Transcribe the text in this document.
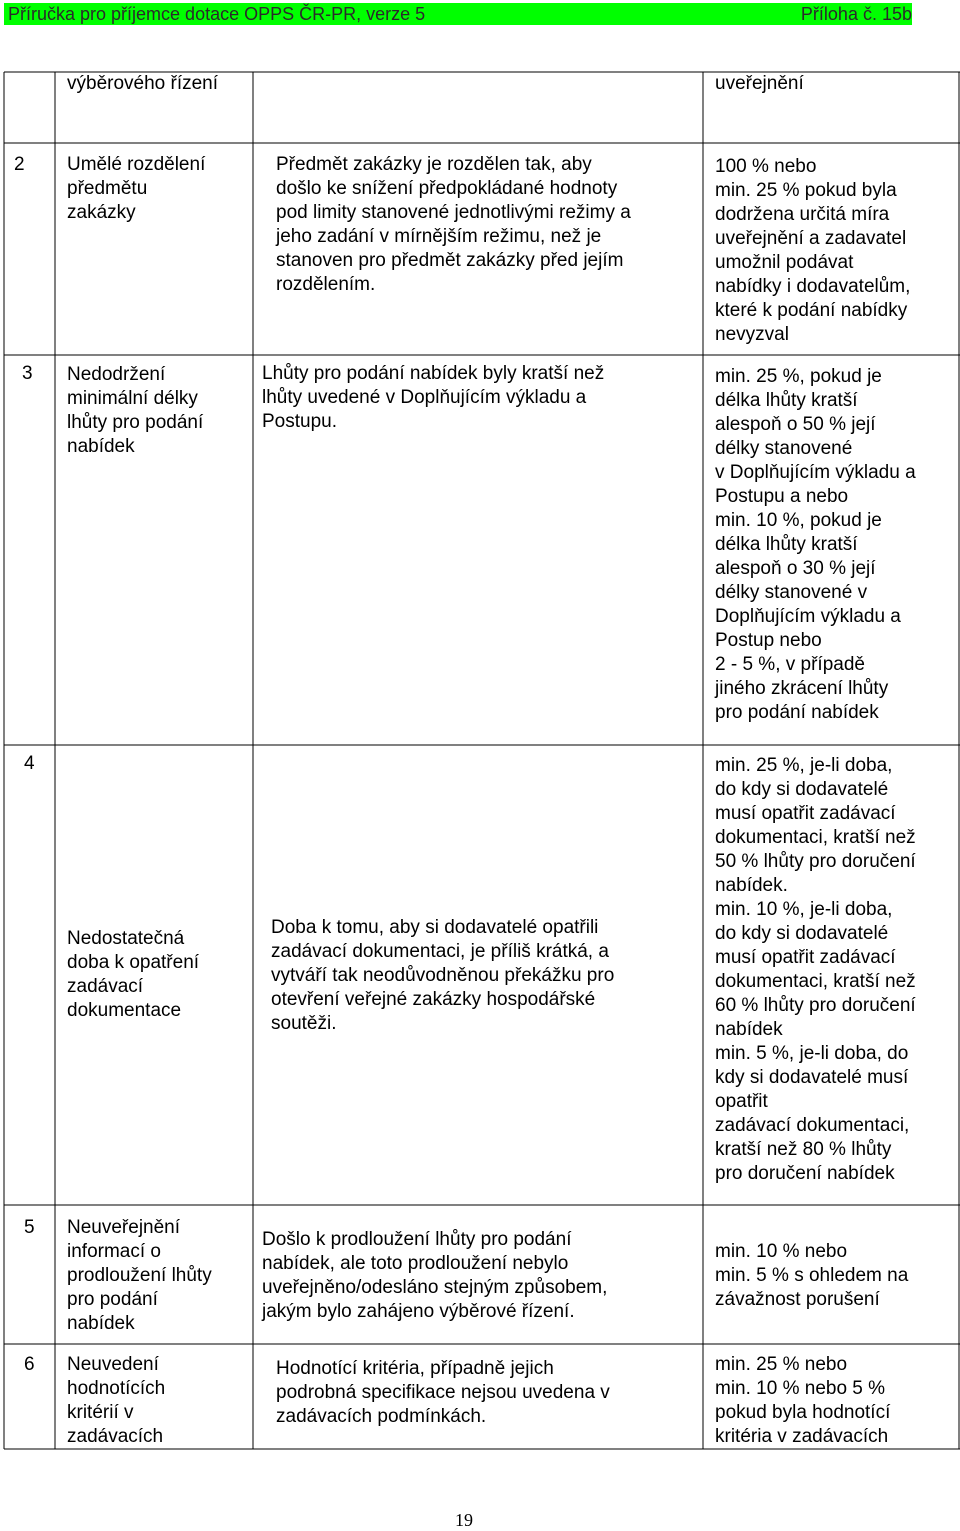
Příručka pro příjemce dotace OPPS ČR-PR, verze 5	Příloha č. 15b
výběrového řízení	uveřejnění
2 Umělé rozdělení
předmětu
zakázky
Předmět zakázky je rozdělen tak, aby
došlo ke snížení předpokládané hodnoty
pod limity stanovené jednotlivými režimy a
jeho zadání v mírnějším režimu, než je
stanoven pro předmět zakázky před jejím
rozdělením.
100 % nebo
min. 25 % pokud byla
dodržena určitá míra
uveřejnění a zadavatel
umožnil podávat
nabídky i dodavatelům,
které k podání nabídky
nevyzval
3 Nedodržení
minimální délky
lhůty pro podání
nabídek
Lhůty pro podání nabídek byly kratší než
lhůty uvedené v Doplňujícím výkladu a
Postupu.
min. 25 %, pokud je
délka lhůty kratší
alespoň o 50 % její
délky stanovené
v Doplňujícím výkladu a
Postupu a nebo
min. 10 %, pokud je
délka lhůty kratší
alespoň o 30 % její
délky stanovené v
Doplňujícím výkladu a
Postup nebo
2 - 5 %, v případě
jiného zkrácení lhůty
pro podání nabídek
4
Nedostatečná
doba k opatření
zadávací
dokumentace
Doba k tomu, aby si dodavatelé opatřili
zadávací dokumentaci, je příliš krátká, a
vytváří tak neodůvodněnou překážku pro
otevření veřejné zakázky hospodářské
soutěži.
min. 25 %, je-li doba,
do kdy si dodavatelé
musí opatřit zadávací
dokumentaci, kratší než
50 % lhůty pro doručení
nabídek.
min. 10 %, je-li doba,
do kdy si dodavatelé
musí opatřit zadávací
dokumentaci, kratší než
60 % lhůty pro doručení
nabídek
min. 5 %, je-li doba, do
kdy si dodavatelé musí
opatřit
zadávací dokumentaci,
kratší než 80 % lhůty
pro doručení nabídek
5 Neuveřejnění
informací o
prodloužení lhůty
pro podání
nabídek
Došlo k prodloužení lhůty pro podání
nabídek, ale toto prodloužení nebylo
uveřejněno/odesláno stejným způsobem,
jakým bylo zahájeno výběrové řízení.
min. 10 % nebo
min. 5 % s ohledem na
závažnost porušení
6 Neuvedení
hodnotících
kritérií v
zadávacích
Hodnotící kritéria, případně jejich
podrobná specifikace nejsou uvedena v
zadávacích podmínkách.
min. 25 % nebo
min. 10 % nebo 5 %
pokud byla hodnotící
kritéria v zadávacích
19
